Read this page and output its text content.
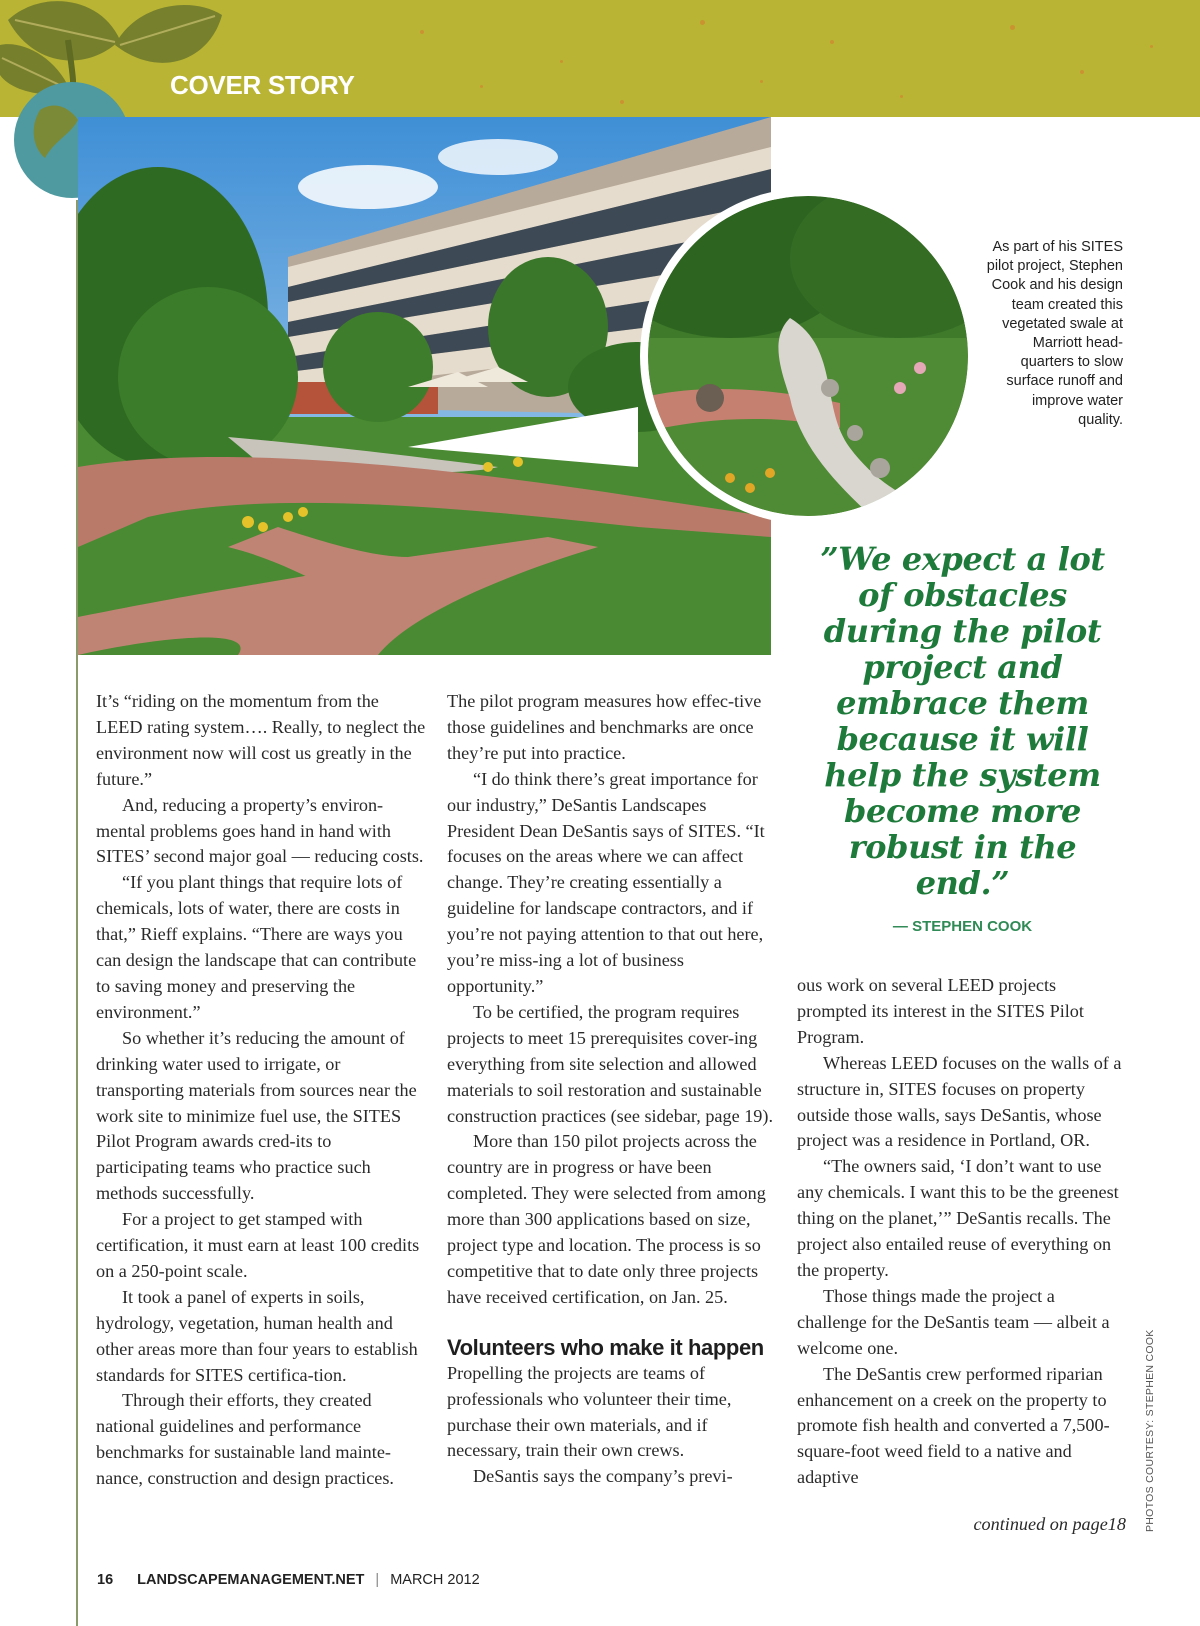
COVER STORY
As part of his SITES pilot project, Stephen Cook and his design team created this vegetated swale at Marriott head-quarters to slow surface runoff and improve water quality.
”We expect a lot of obstacles during the pilot project and embrace them because it will help the system become more robust in the end.”
— STEPHEN COOK

It’s “riding on the momentum from the LEED rating system…. Really, to neglect the environment now will cost us greatly in the future.”

And, reducing a property’s environ-mental problems goes hand in hand with SITES’ second major goal — reducing costs.

“If you plant things that require lots of chemicals, lots of water, there are costs in that,” Rieff explains. “There are ways you can design the landscape that can contribute to saving money and preserving the environment.”

So whether it’s reducing the amount of drinking water used to irrigate, or transporting materials from sources near the work site to minimize fuel use, the SITES Pilot Program awards cred-its to participating teams who practice such methods successfully.

For a project to get stamped with certification, it must earn at least 100 credits on a 250-point scale.

It took a panel of experts in soils, hydrology, vegetation, human health and other areas more than four years to establish standards for SITES certifica-tion.

Through their efforts, they created national guidelines and performance benchmarks for sustainable land mainte-nance, construction and design practices.

The pilot program measures how effec-tive those guidelines and benchmarks are once they’re put into practice.

“I do think there’s great importance for our industry,” DeSantis Landscapes President Dean DeSantis says of SITES. “It focuses on the areas where we can affect change. They’re creating essentially a guideline for landscape contractors, and if you’re not paying attention to that out here, you’re miss-ing a lot of business opportunity.”

To be certified, the program requires projects to meet 15 prerequisites cover-ing everything from site selection and allowed materials to soil restoration and sustainable construction practices (see sidebar, page 19).

More than 150 pilot projects across the country are in progress or have been completed. They were selected from among more than 300 applications based on size, project type and location. The process is so competitive that to date only three projects have received certification, on Jan. 25.

Volunteers who make it happen

Propelling the projects are teams of professionals who volunteer their time, purchase their own materials, and if necessary, train their own crews.

DeSantis says the company’s previ-

ous work on several LEED projects prompted its interest in the SITES Pilot Program.

Whereas LEED focuses on the walls of a structure in, SITES focuses on property outside those walls, says DeSantis, whose project was a residence in Portland, OR.

“The owners said, ‘I don’t want to use any chemicals. I want this to be the greenest thing on the planet,’” DeSantis recalls. The project also entailed reuse of everything on the property.

Those things made the project a challenge for the DeSantis team — albeit a welcome one.

The DeSantis crew performed riparian enhancement on a creek on the property to promote fish health and converted a 7,500-square-foot weed field to a native and adaptive

continued on page18 PHOTOS COURTESY: STEPHEN COOK
16 LANDSCAPEMANAGEMENT.NET | MARCH 2012
